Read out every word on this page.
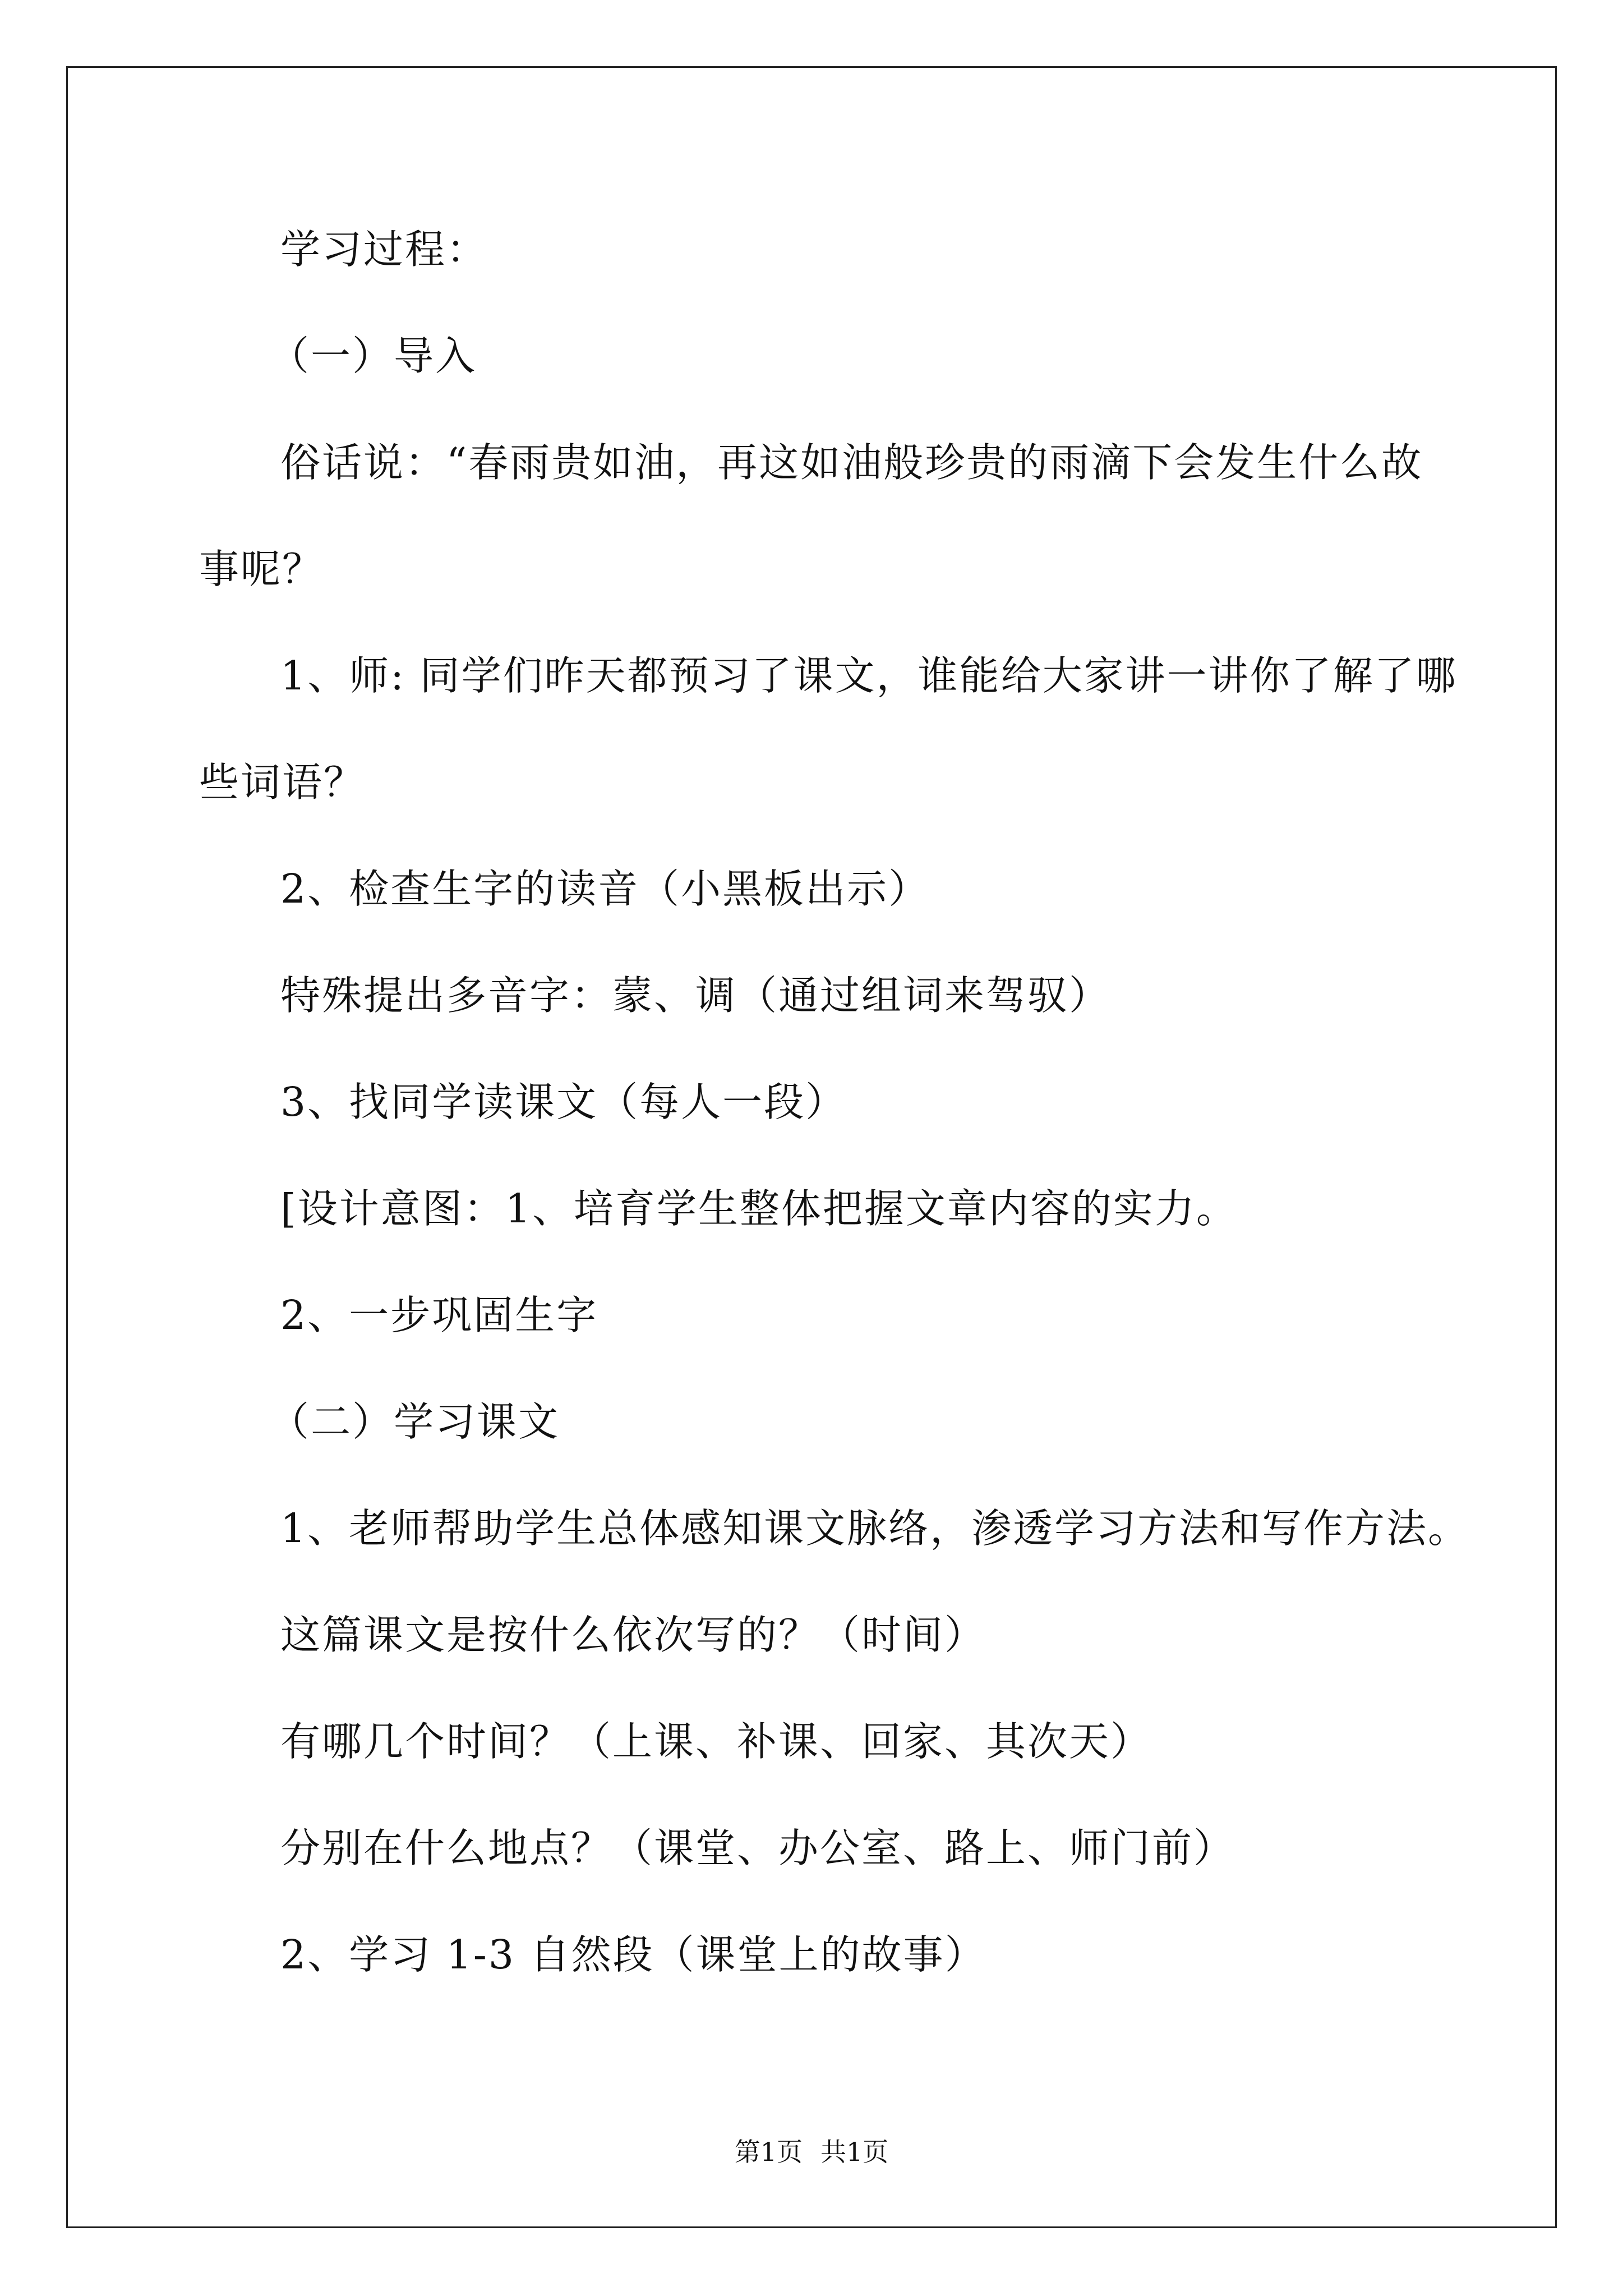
学习过程：
（一）导入
俗话说：“春雨贵如油，再这如油般珍贵的雨滴下会发生什么故
事呢？
1、师: 同学们昨天都预习了课文，谁能给大家讲一讲你了解了哪
些词语？
2、检查生字的读音（小黑板出示）
特殊提出多音字：蒙、调（通过组词来驾驭）
3、找同学读课文（每人一段）
[设计意图：1、培育学生整体把握文章内容的实力。
2、一步巩固生字
（二）学习课文
1、老师帮助学生总体感知课文脉络，渗透学习方法和写作方法。
这篇课文是按什么依次写的？（时间）
有哪几个时间？（上课、补课、回家、其次天）
分别在什么地点？（课堂、办公室、路上、师门前）
2、学习 1-3 自然段（课堂上的故事）
第1页 共1页
